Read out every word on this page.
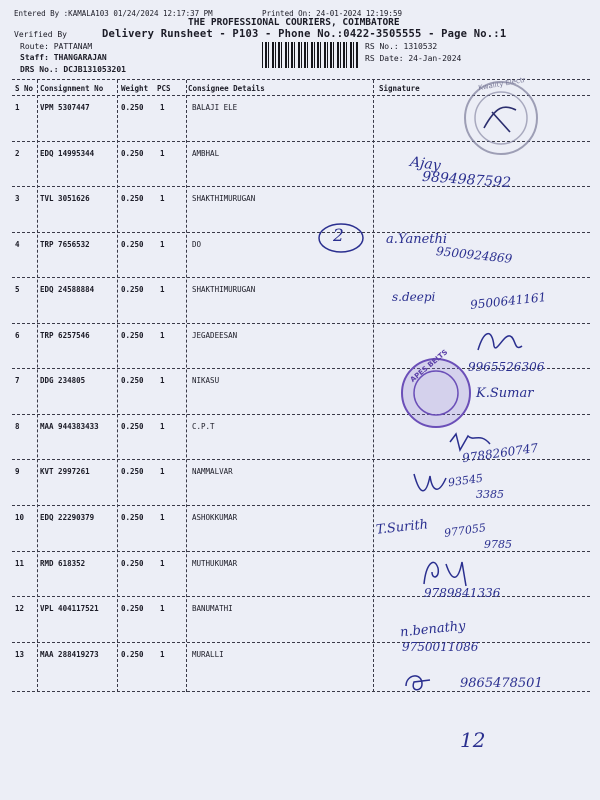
Entered By :KAMALA103 01/24/2024 12:17:37 PM	Printed On: 24-01-2024 12:19:59
THE PROFESSIONAL COURIERS, COIMBATORE
Verified By	Delivery Runsheet - P103 - Phone No.:0422-3505555 - Page No.:1
Route: PATTANAM
Staff: THANGARAJAN
DRS No.: DCJB131053201
RS No.: 1310532
RS Date: 24-Jan-2024
S No Consignment No Weight PCS Consignee Details	Signature
1	VPM 5307447	0.250 1	BALAJI ELE
2	EDQ 14995344	0.250 1	AMBHAL
3	TVL 3051626	0.250 1	SHAKTHIMURUGAN
4	TRP 7656532	0.250 1	DO
5	EDQ 24588884	0.250 1	SHAKTHIMURUGAN
6	TRP 6257546	0.250 1	JEGADEESAN
7	DDG 234805	0.250 1	NIKASU
8	MAA 944383433	0.250 1	C.P.T
9	KVT 2997261	0.250 1	NAMMALVAR
10 EDQ 22290379	0.250 1	ASHOKKUMAR
11 RMD 618352	0.250 1	MUTHUKUMAR
12 VPL 404117521	0.250 1	BANUMATHI
13 MAA 288419273	0.250 1	MURALLI
Kwality Electr
APES BELTS
2
Ajay
9894987592
a.Yanethi
9500924869
s.deepi	9500641161
9965526306
K.Sumar
9788260747
93545
3385
T.Surith 977055
9785
9789841336
n.benathy
9750011086
9865478501
12
